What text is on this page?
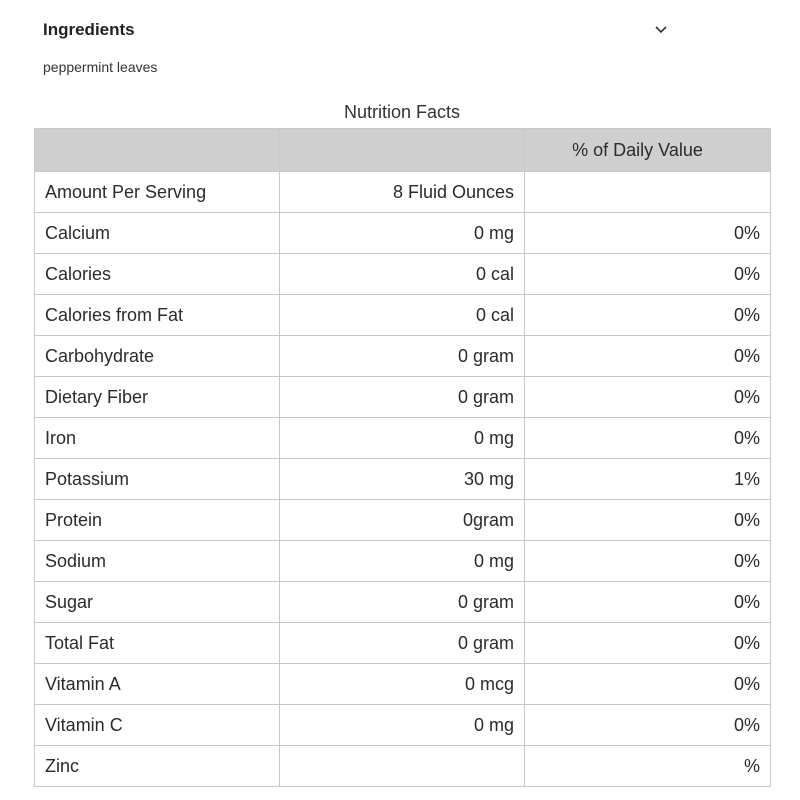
Ingredients
peppermint leaves
Nutrition Facts
		% of Daily Value
Amount Per Serving	8 Fluid Ounces	
Calcium	0 mg	0%
Calories	0 cal	0%
Calories from Fat	0 cal	0%
Carbohydrate	0 gram	0%
Dietary Fiber	0 gram	0%
Iron	0 mg	0%
Potassium	30 mg	1%
Protein	0gram	0%
Sodium	0 mg	0%
Sugar	0 gram	0%
Total Fat	0 gram	0%
Vitamin A	0 mcg	0%
Vitamin C	0 mg	0%
Zinc		%
